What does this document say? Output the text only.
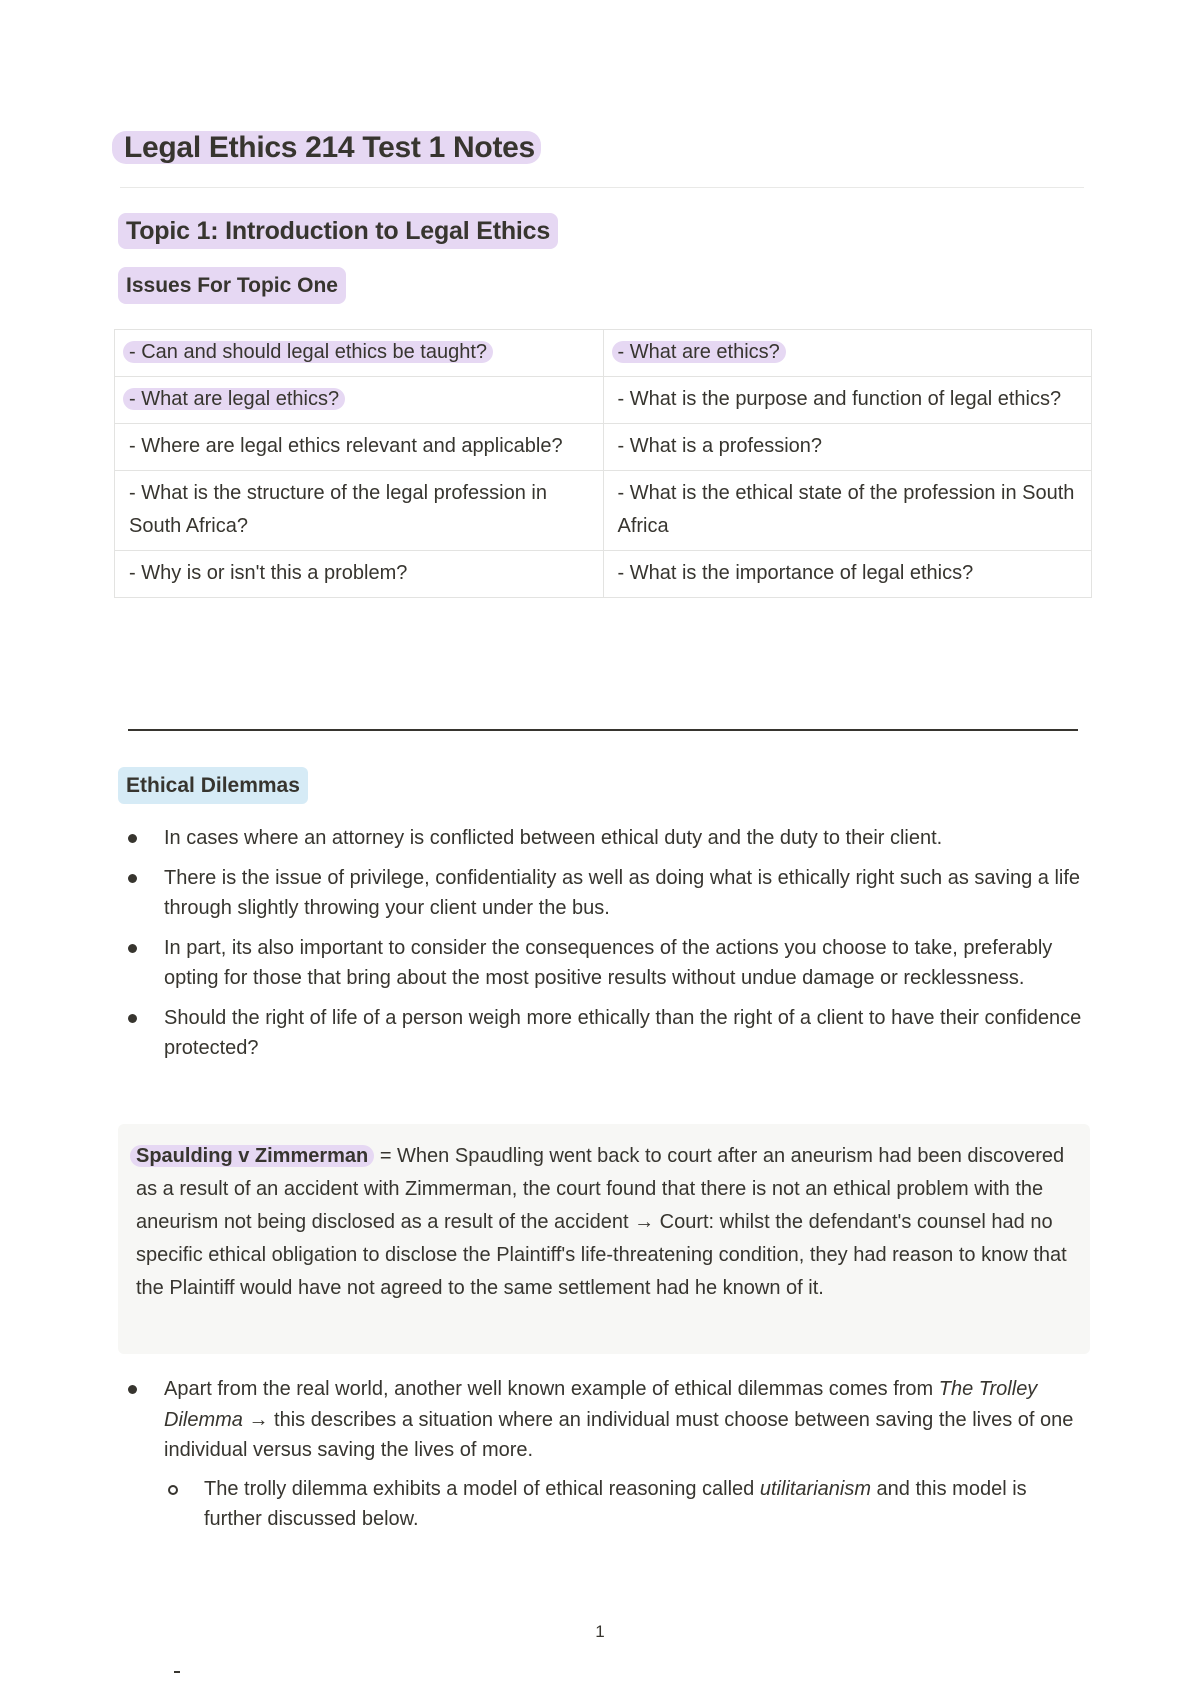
Legal Ethics 214 Test 1 Notes
Topic 1: Introduction to Legal Ethics
Issues For Topic One
- Can and should legal ethics be taught?	- What are ethics?
- What are legal ethics?	- What is the purpose and function of legal ethics?
- Where are legal ethics relevant and applicable?	- What is a profession?
- What is the structure of the legal profession in South Africa?	- What is the ethical state of the profession in South Africa
- Why is or isn't this a problem?	- What is the importance of legal ethics?
Ethical Dilemmas
In cases where an attorney is conflicted between ethical duty and the duty to their client.
There is the issue of privilege, confidentiality as well as doing what is ethically right such as saving a life through slightly throwing your client under the bus.
In part, its also important to consider the consequences of the actions you choose to take, preferably opting for those that bring about the most positive results without undue damage or recklessness.
Should the right of life of a person weigh more ethically than the right of a client to have their confidence protected?
Spaulding v Zimmerman = When Spaudling went back to court after an aneurism had been discovered as a result of an accident with Zimmerman, the court found that there is not an ethical problem with the aneurism not being disclosed as a result of the accident → Court: whilst the defendant's counsel had no specific ethical obligation to disclose the Plaintiff's life-threatening condition, they had reason to know that the Plaintiff would have not agreed to the same settlement had he known of it.
Apart from the real world, another well known example of ethical dilemmas comes from The Trolley Dilemma → this describes a situation where an individual must choose between saving the lives of one individual versus saving the lives of more.
The trolly dilemma exhibits a model of ethical reasoning called utilitarianism and this model is further discussed below.
1
